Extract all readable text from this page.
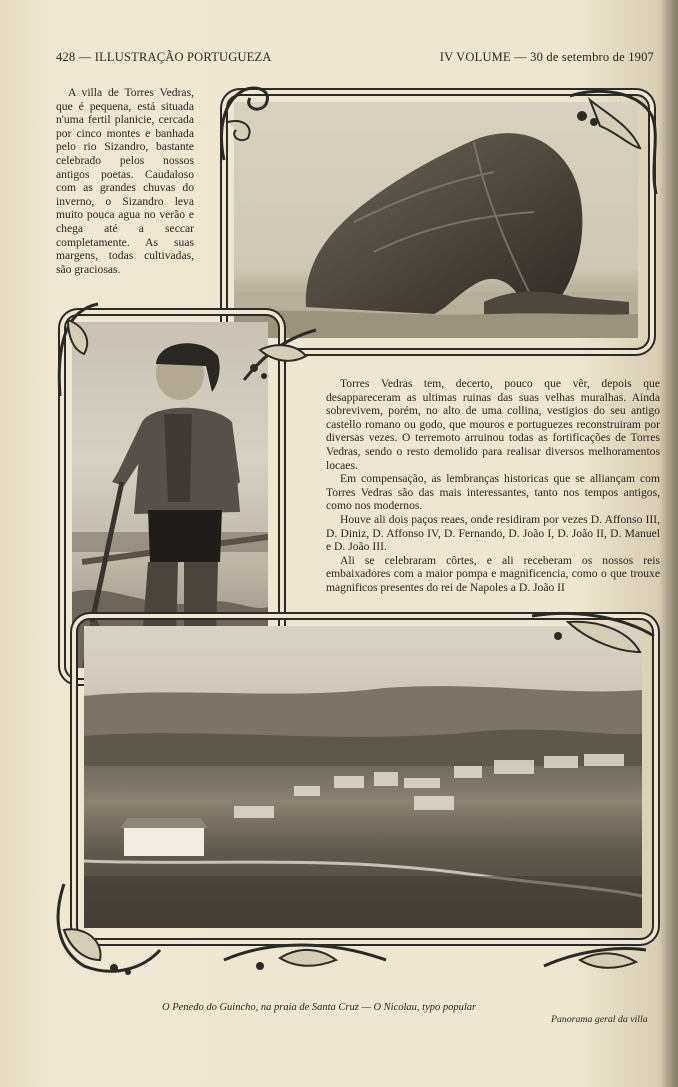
428 — ILLUSTRAÇÃO PORTUGUEZA	IV VOLUME — 30 de setembro de 1907
A villa de Torres Vedras, que é pequena, está situada n'uma fertil planicie, cercada por cinco montes e banhada pelo rio Sizandro, bastante celebrado pelos nossos antigos poetas. Caudaloso com as grandes chuvas do inverno, o Sizandro leva muito pouca agua no verão e chega até a seccar completamente. As suas margens, todas cultivadas, são graciosas.

Torres Vedras tem, decerto, pouco que vêr, depois que desappareceram as ultimas ruinas das suas velhas muralhas. Ainda sobrevivem, porém, no alto de uma collina, vestigios do seu antigo castello romano ou godo, que mouros e portuguezes reconstruiram por diversas vezes. O terremoto arruinou todas as fortificações de Torres Vedras, sendo o resto demolido para realisar diversos melhoramentos locaes.

Em compensação, as lembranças historicas que se alliançam com Torres Vedras são das mais interessantes, tanto nos tempos antigos, como nos modernos.

Houve ali dois paços reaes, onde residiram por vezes D. Affonso III, D. Diniz, D. Affonso IV, D. Fernando, D. João I, D. João II, D. Manuel e D. João III.

Ali se celebraram côrtes, e ali receberam os nossos reis embaixadores com a maior pompa e magnificencia, como o que trouxe magnificos presentes do rei de Napoles a D. João II

O Penedo do Guincho, na praia de Santa Cruz — O Nicolau, typo popular
Panorama geral da villa
